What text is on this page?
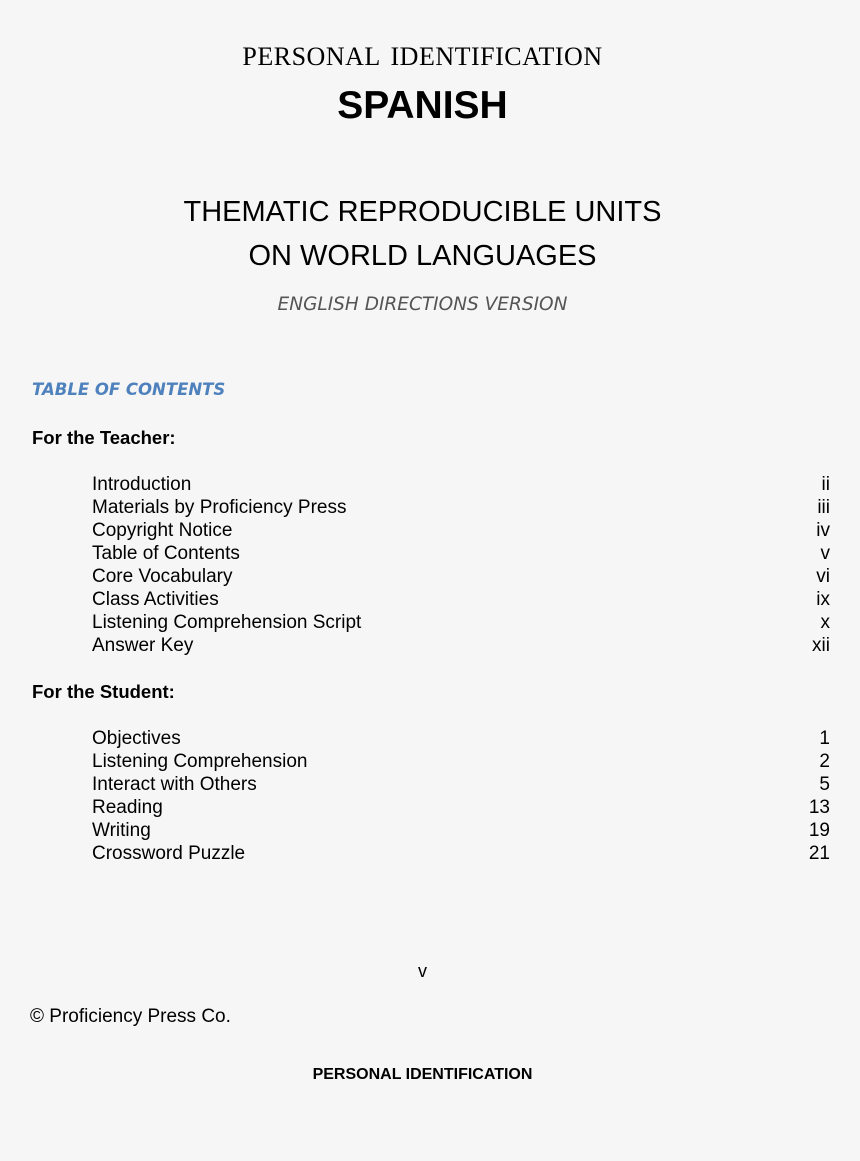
personal identification
SPANISH
THEMATIC REPRODUCIBLE UNITS
ON WORLD LANGUAGES
ENGLISH DIRECTIONS VERSION
TABLE OF CONTENTS
For the Teacher:
Introduction	ii
Materials by Proficiency Press	iii
Copyright Notice	iv
Table of Contents	v
Core Vocabulary	vi
Class Activities	ix
Listening Comprehension Script	x
Answer Key	xii
For the Student:
Objectives	1
Listening Comprehension	2
Interact with Others	5
Reading	13
Writing	19
Crossword Puzzle	21
v
© Proficiency Press Co.
PERSONAL IDENTIFICATION
